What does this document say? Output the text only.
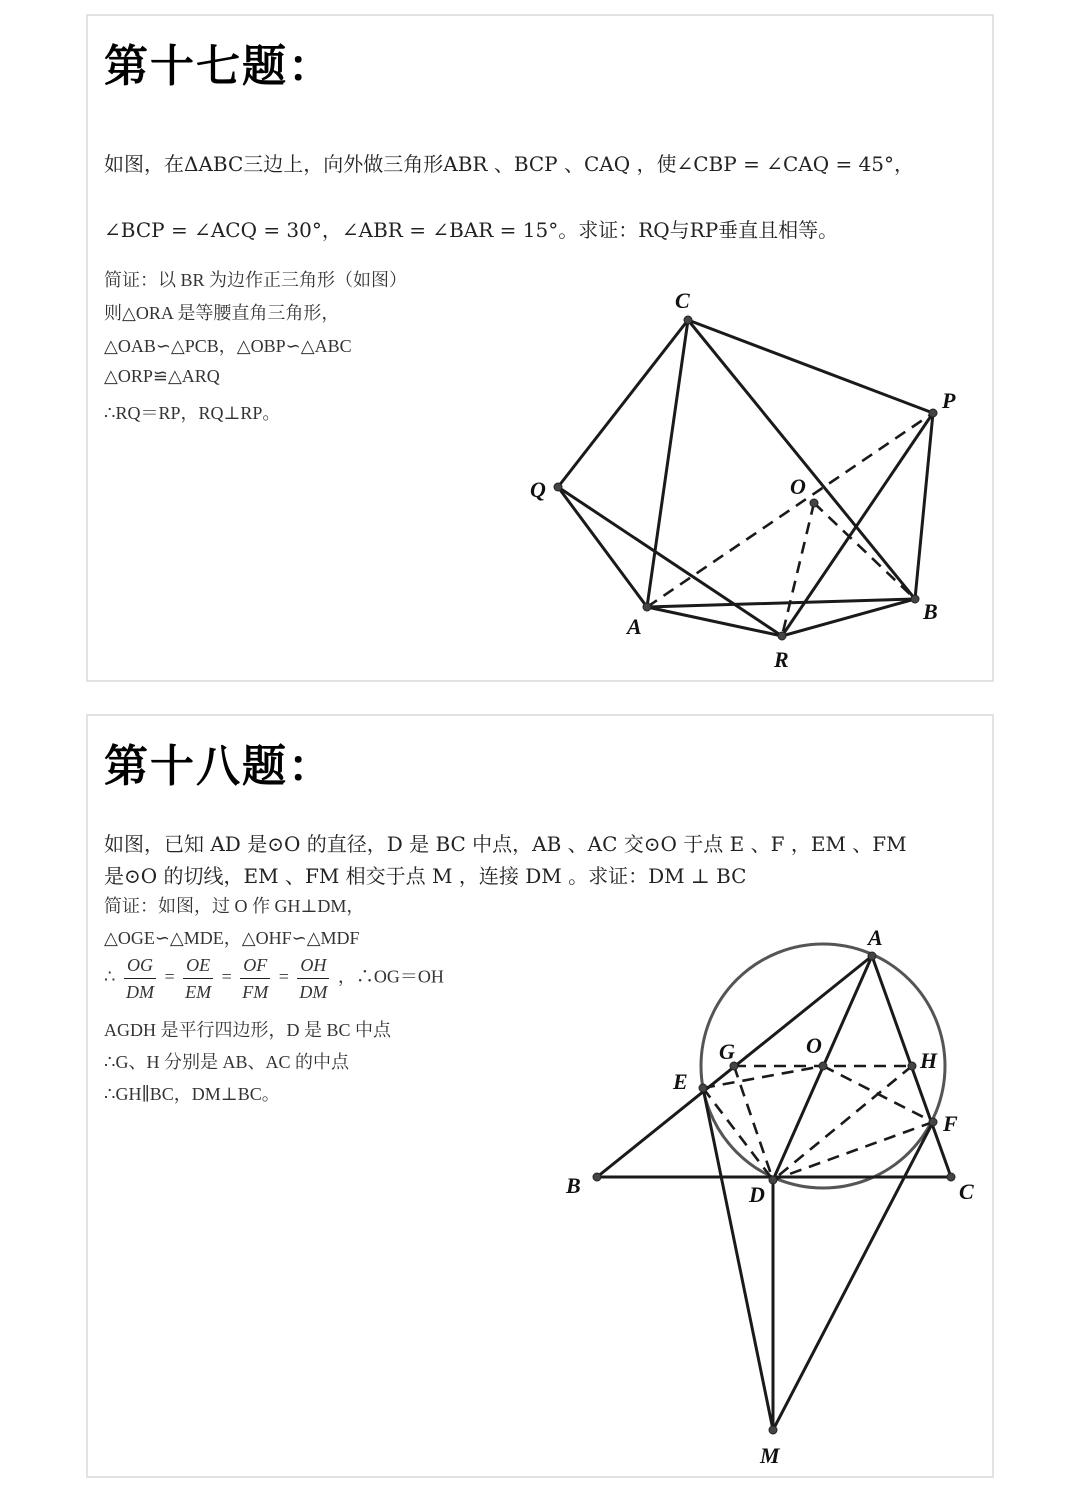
第十七题：
如图，在ΔABC三边上，向外做三角形ABR 、BCP 、CAQ ，使∠CBP = ∠CAQ = 45°，
∠BCP = ∠ACQ = 30°，∠ABR = ∠BAR = 15°。求证：RQ与RP垂直且相等。
简证：以 BR 为边作正三角形（如图）
则△ORA 是等腰直角三角形，
△OAB∽△PCB，△OBP∽△ABC
△ORP≌△ARQ
∴RQ＝RP，RQ⊥RP。
C
P
Q	O
A
B
R
第十八题：
如图，已知 AD 是⊙O 的直径，D 是 BC 中点，AB 、AC 交⊙O 于点 E 、F ，EM 、FM
是⊙O 的切线，EM 、FM 相交于点 M ，连接 DM 。求证：DM ⊥ BC
简证：如图，过 O 作 GH⊥DM，
△OGE∽△MDE，△OHF∽△MDF
∴ $\frac{OG}{DM} = \frac{OE}{EM} = \frac{OF}{FM} = \frac{OH}{DM}$ ，∴OG＝OH
AGDH 是平行四边形，D 是 BC 中点
∴G、H 分别是 AB、AC 的中点
∴GH∥BC，DM⊥BC。
A
G	O
H
E
F
B	D	C
M
